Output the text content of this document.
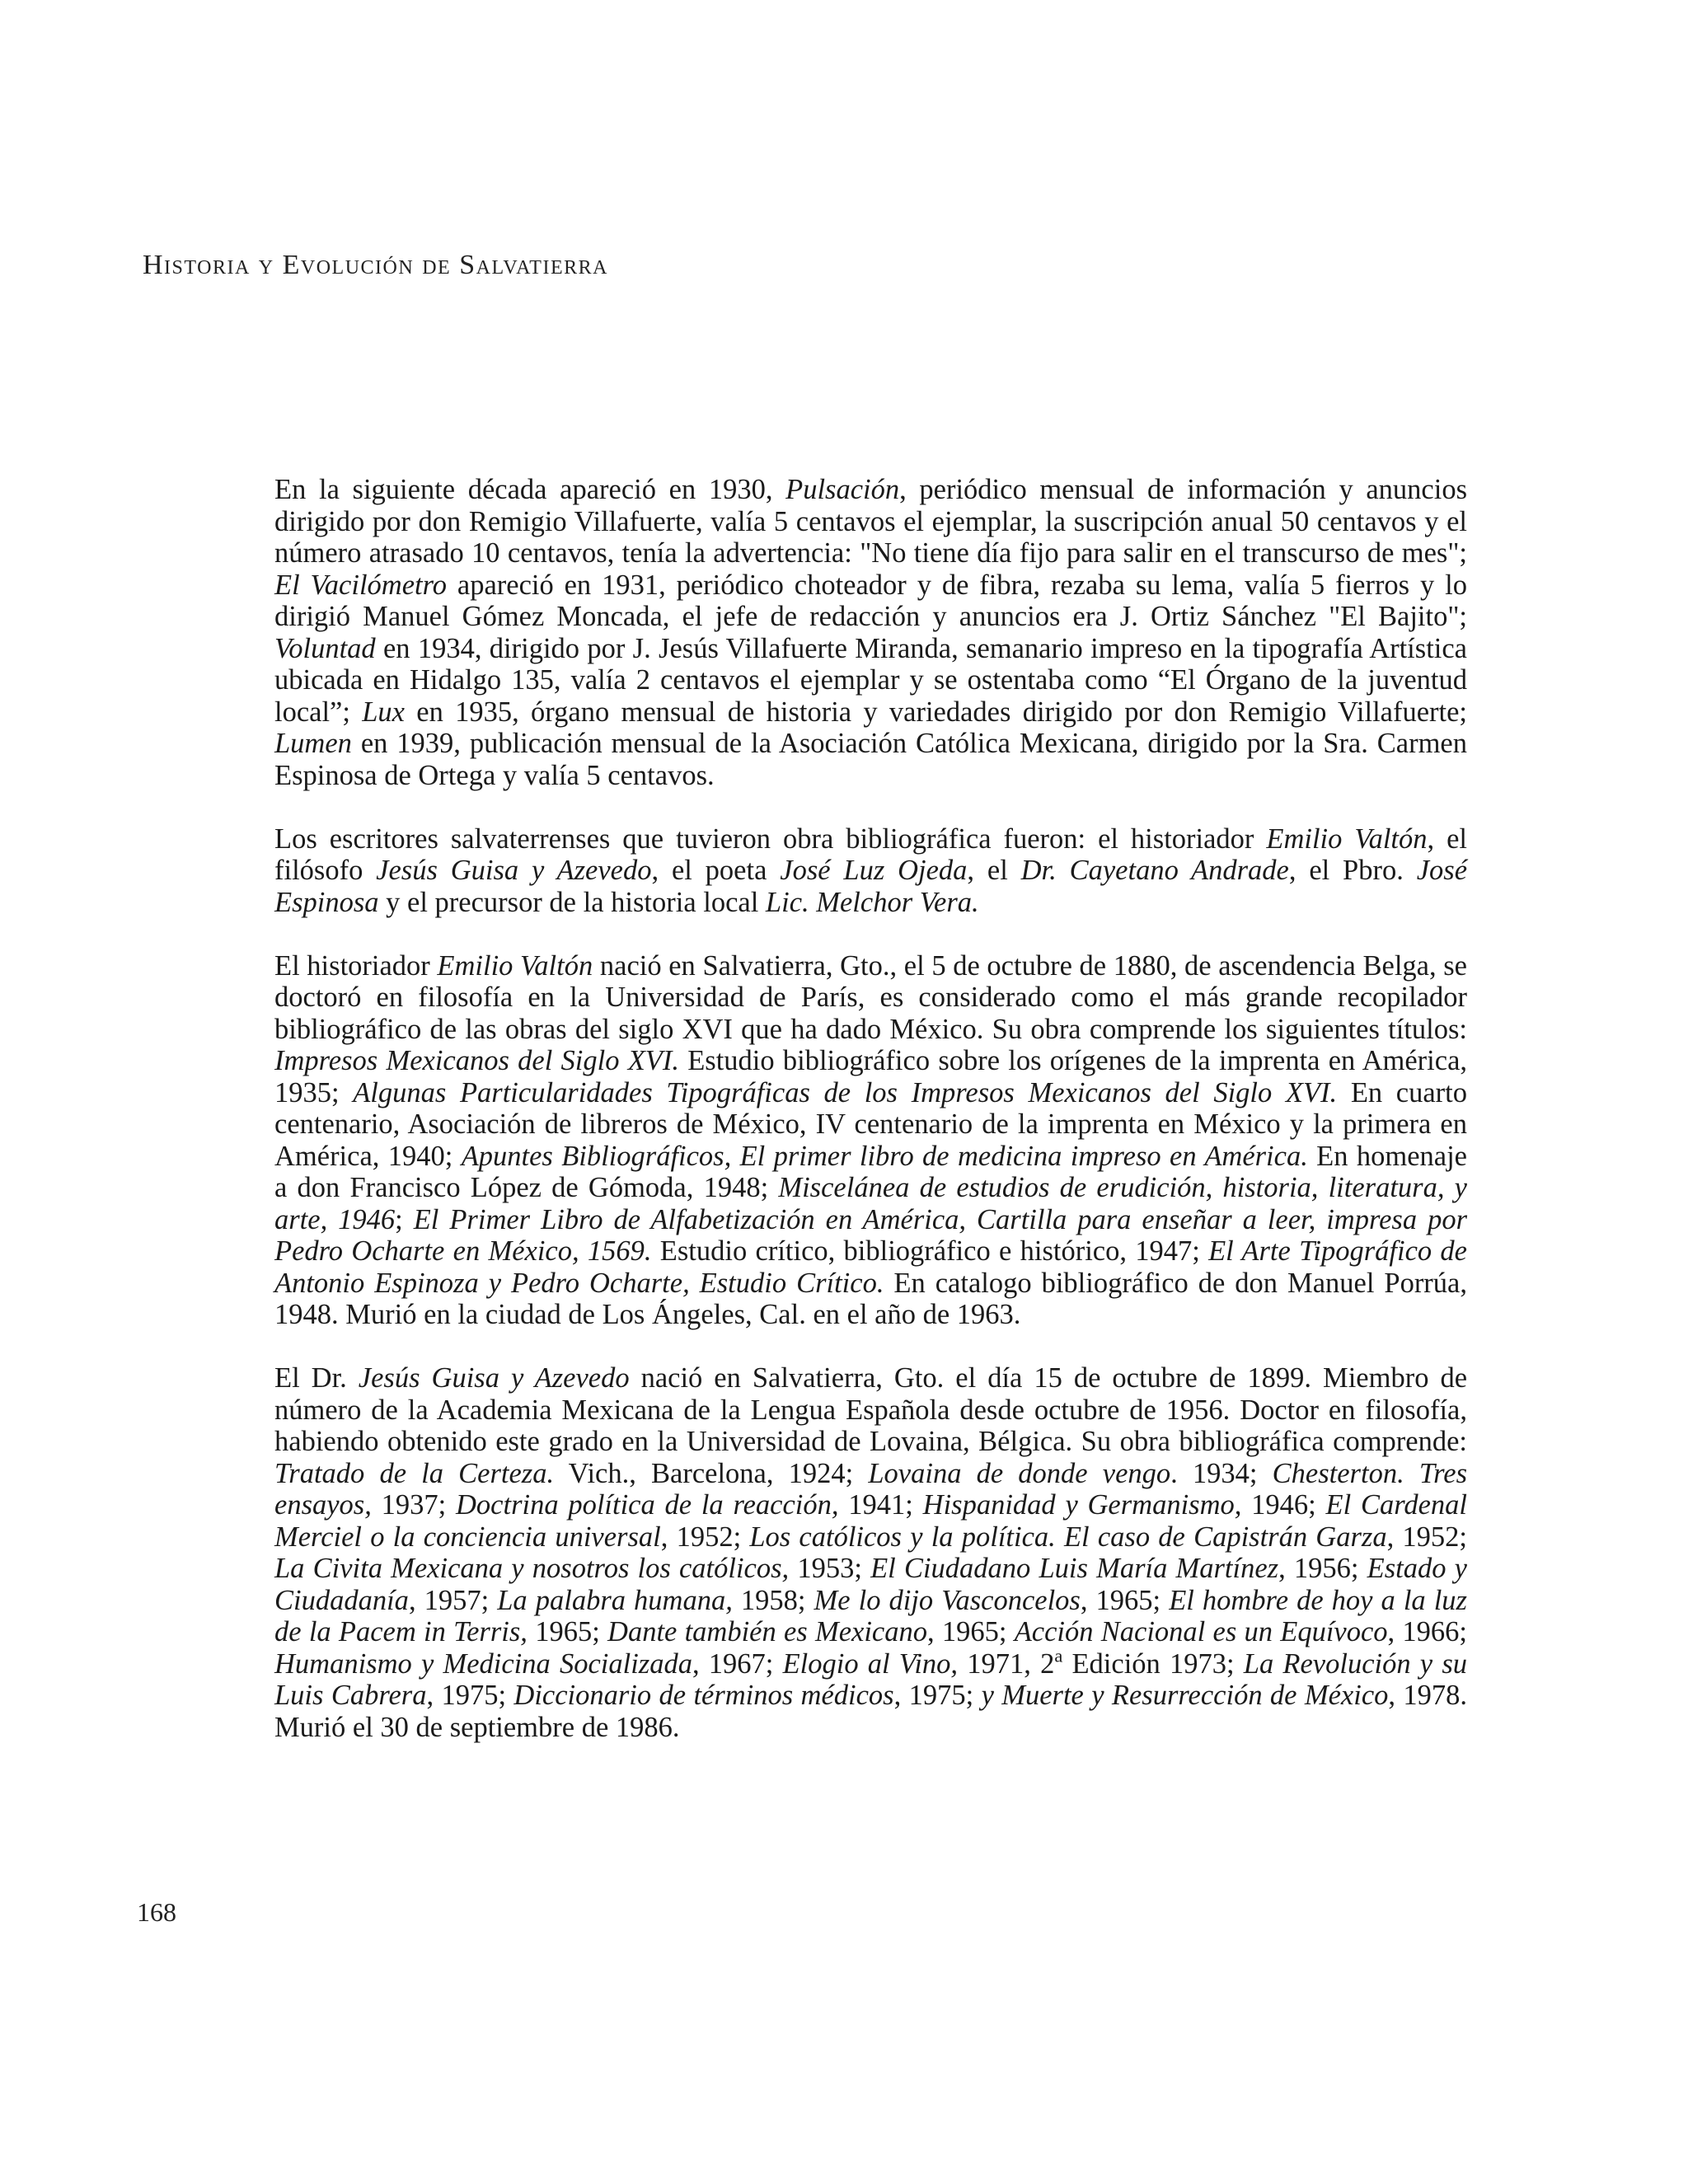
Historia y Evolución de Salvatierra

En la siguiente década apareció en 1930, Pulsación, periódico mensual de información y anuncios dirigido por don Remigio Villafuerte, valía 5 centavos el ejemplar, la suscripción anual 50 centavos y el número atrasado 10 centavos, tenía la advertencia: "No tiene día fijo para salir en el transcurso de mes"; El Vacilómetro apareció en 1931, periódico choteador y de fibra, rezaba su lema, valía 5 fierros y lo dirigió Manuel Gómez Moncada, el jefe de redacción y anuncios era J. Ortiz Sánchez "El Bajito"; Voluntad en 1934, dirigido por J. Jesús Villafuerte Miranda, semanario impreso en la tipografía Artística ubicada en Hidalgo 135, valía 2 centavos el ejemplar y se ostentaba como “El Órgano de la juventud local”; Lux en 1935, órgano mensual de historia y variedades dirigido por don Remigio Villafuerte; Lumen en 1939, publicación mensual de la Asociación Católica Mexicana, dirigido por la Sra. Carmen Espinosa de Ortega y valía 5 centavos.

Los escritores salvaterrenses que tuvieron obra bibliográfica fueron: el historiador Emilio Valtón, el filósofo Jesús Guisa y Azevedo, el poeta José Luz Ojeda, el Dr. Cayetano Andrade, el Pbro. José Espinosa y el precursor de la historia local Lic. Melchor Vera.

El historiador Emilio Valtón nació en Salvatierra, Gto., el 5 de octubre de 1880, de ascendencia Belga, se doctoró en filosofía en la Universidad de París, es considerado como el más grande recopilador bibliográfico de las obras del siglo XVI que ha dado México. Su obra comprende los siguientes títulos: Impresos Mexicanos del Siglo XVI. Estudio bibliográfico sobre los orígenes de la imprenta en América, 1935; Algunas Particularidades Tipográficas de los Impresos Mexicanos del Siglo XVI. En cuarto centenario, Asociación de libreros de México, IV centenario de la imprenta en México y la primera en América, 1940; Apuntes Bibliográficos, El primer libro de medicina impreso en América. En homenaje a don Francisco López de Gómoda, 1948; Miscelánea de estudios de erudición, historia, literatura, y arte, 1946; El Primer Libro de Alfabetización en América, Cartilla para enseñar a leer, impresa por Pedro Ocharte en México, 1569. Estudio crítico, bibliográfico e histórico, 1947; El Arte Tipográfico de Antonio Espinoza y Pedro Ocharte, Estudio Crítico. En catalogo bibliográfico de don Manuel Porrúa, 1948. Murió en la ciudad de Los Ángeles, Cal. en el año de 1963.

El Dr. Jesús Guisa y Azevedo nació en Salvatierra, Gto. el día 15 de octubre de 1899. Miembro de número de la Academia Mexicana de la Lengua Española desde octubre de 1956. Doctor en filosofía, habiendo obtenido este grado en la Universidad de Lovaina, Bélgica. Su obra bibliográfica comprende: Tratado de la Certeza. Vich., Barcelona, 1924; Lovaina de donde vengo. 1934; Chesterton. Tres ensayos, 1937; Doctrina política de la reacción, 1941; Hispanidad y Germanismo, 1946; El Cardenal Merciel o la conciencia universal, 1952; Los católicos y la política. El caso de Capistrán Garza, 1952; La Civita Mexicana y nosotros los católicos, 1953; El Ciudadano Luis María Martínez, 1956; Estado y Ciudadanía, 1957; La palabra humana, 1958; Me lo dijo Vasconcelos, 1965; El hombre de hoy a la luz de la Pacem in Terris, 1965; Dante también es Mexicano, 1965; Acción Nacional es un Equívoco, 1966; Humanismo y Medicina Socializada, 1967; Elogio al Vino, 1971, 2$^a$ Edición 1973; La Revolución y su Luis Cabrera, 1975; Diccionario de términos médicos, 1975; y Muerte y Resurrección de México, 1978. Murió el 30 de septiembre de 1986.

168
